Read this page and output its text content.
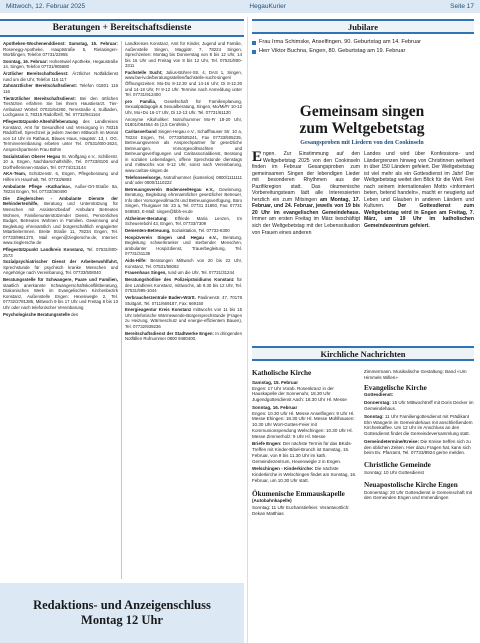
Mittwoch, 12. Februar 2025	HegauKurier	Seite 17
Beratungen + Bereitschaftsdienste

Apotheken-Wochenenddienst: Samstag, 15. Februar: Rosenegg-Apotheke, Hauptstraße 5, Rielasingen-Worblingen, Telefon 07731/22955

Sonntag, 16. Februar: Hohentwiel Apotheke, Hegaustraße 14, Singen, Telefon 07731/905680

Ärztlicher Bereitschaftsdienst: Ärztlicher Notfalldienst rund um die Uhr, Telefon 116 117

Zahnärztlicher Bereitschaftsdienst: Telefon 01801 116 116

Tierärztlicher Bereitschaftsdienst: Bei den örtlichen Tierärzten erfahren Sie bei Ihrem Haustierarzt. Tier-Ambulanz Wörtel: 07031/64260, Terrestraße 4, Sulbaden, Lochgasse 3, 78315 Radolfzell, Tel. 07732/941164

Pflegestützpunkt-Altenhilfeberatung des Landkreises Konstanz, Amt für Gesundheit und Versorgung in 78315 Radolfzell, Sprechzeit ja jedem zweiten Mittwoch im Monat von 14 Uhr im Rathaus, Blaues Haus, Hauptstr. 13, I. OG. Terminvereinbarung erbeten unter Tel. 07531/800-2624, Ansprechpartnerin Frau Böhm

Sozialstation Oberer Hegau St. Wolfgang e.V., Schillerstr. 10 a, Engen, Nachbarschaftshilfe, Tel. 07733/8100 und Dorfhelferinnen-Station, Tel. 07774/213144

AKA-Team, Schützenstr. 6, Engen, Pflegeberatung und Hilfen im Haushalt, Tel. 07733/6893

Ambulante Pflege «Katharina», Außer-Ort-Straße 8a, 78234 Engen, Tel. 07733/360490

Die Zieglerschen - Ambulante Dienste der Behindertenhilfe, Beratung und Unterstützung für Menschen mit Assistenzbedarf Ambulant Betreutes Wohnen, Familienunterstützender Dienst, Persönliches Budget, Betreutes Wohnen in Familien. Gewinnung und Begleitung ehrenamtlich und bürgerschaftlich engagierter MitarbeiterInnen. Breite Straße 11, 78234 Engen, Tel. 07733/9961370, Mail engen@zieglersche.de, Internet: www.zieglersche.de

Pflegestützpunkt Landkreis Konstanz, Tel. 07531/800-2573

Sozialpsychiatrischer Dienst der Arbeiterwohlfahrt, Sprechstunde für psychisch kranke Menschen und Angehörige nach Vereinbarung, Tel. 07733/508040

Beratungsstelle für Schwangere, Paare und Familien, staatlich anerkannte Schwangerschaftskonfliktberatung, Diakonisches Werk im Evangelischen Kirchenbezirk Konstanz, Außenstelle Engen: Hexenwegle 2, Tel. 07732/2781385, Mittwoch 9 bis 17 Uhr und Freitag 8 bis 13 Uhr oder nach telefonischer Vereinbarung

Psychologische Beratungsstelle des

Landkreises Konstanz, Amt für Kinder, Jugend und Familie, Außenstelle Singen, Maggistr. 7, 78224 Singen, Sprechzeiten: Montag bis Donnerstag von 8 bis 12 Uhr, 14 bis 16 Uhr und Freitag von 8 bis 12 Uhr, Tel. 07531/800-3311

Fachstelle Sucht; Julius-Bührer-Str. 4, DAS 1, Singen, www.bw-lv.de/beratungsstellen/fachstelle-sucht-singen/ Öffnungszeiten: Mo-Do 8-12.30 und 14-16 Uhr; Di 8-12.30 und 14-18 Uhr, Fr 8-12 Uhr. Termine nach Anmeldung unter Tel. 07731/912400

pro Familia, Gesellschaft für Familienplanung, Sexualpädagogik & Sexualberatung, Singen, Mo/Mi/Fr 10-12 Uhr, Mo+Do 16-17 Uhr, Di 12-13 Uhr, Tel. 07731/61120

Anonyme Alkoholiker: Notrufnummer Mo-Fr 18-20 Uhr, 01801/064564 45 (2,5 Cent/Min.)

Caritasverband Singen-Hegau e.V., Schaffhauser Str. 10 a, 78234 Engen, Tel. 07733/505241, Fax 07733/505235, Betreuungsverein als Ansprechpartner für gesetzliche Betreuungen, Vorsorgevollmachten und Betreuungsverfügungen und Caritassozialdienst, Beratung in sozialen Lebenslagen, offene Sprechstunde dienstags und mittwochs von 9-12 Uhr, sonst nach Vereinbarung, www.caritas-singen.de

Telefonseelsorge, Notrufnummer (kostenlos) 0800/1111111 und/ oder 0800/1110222

Betreuungsverein Bodensee/Hegau e.V., Gewinnung, Beratung, Begleitung ehrenamtlicher gesetzlicher Betreuer, Info über Vorsorgevollmacht und Betreuungsverfügung, Büro Singen, Thurgauer Str. 23 a, Tel. 07731 31893, Fax: 07731 948583, E-Mail: singen@bbh-ev.de

Alzheimer-Beratung: Elfriede Maria Lenzen, Im Scheuerebohl 43, Engen, Tel. 07733/7309

Dementen-Betreuung, Sozialstation, Tel. 07733-8300

Hospizverein Singen und Hegau e.V., Beratung, Begleitung schwerkranker und sterbender Menschen, ambulanter Hospizdienst, Trauerbegleitung, Tel. 07731/31138

Aids-Hilfe: Beratungen Mittwoch von 20 bis 22 Uhr, Konstanz, Tel. 07531/56062

Frauenhaus Singen, rund um die Uhr, Tel. 07731/31244

Beratungshotline des Polizeipräsidiums Konstanz für den Landkreis Konstanz, mittwochs, ab 9.30 bis 12 Uhr, Tel. 07531/995-1044

Verbraucherzentrale Baden-Württ. Paulinenstr. 47, 70178 Stuttgart, Tel. 0711/669187, Fax: 669150

Energieagentur Kreis Konstanz mittwochs von 11 bis 15 Uhr telefonische Wärmewende-Bürgersprechstunde (Fragen zu Heizung, Wärmeschutz und energie-effizientem Bauen), Tel. 07732/939236

Bereitschaftsdienst der Stadtwerke Engen: In dringenden Notfällen Rufnummer 0800 9480400.

Redaktions- und Anzeigenschluss
Montag 12 Uhr
Jubilare
Frau Irma Schimske, Anselfingen, 90. Geburtstag am 14. Februar
Herr Viktor Buchna, Engen, 80. Geburtstag am 19. Februar
Gemeinsam singen
zum Weltgebetstag
Gesangsproben mit Liedern von den Cookinseln
Engen. Zur Einstimmung auf den Weltgebetstag 2025 von den Cookinseln finden im Februar Gesangsproben zum gemeinsamen Singen der lebendigen Lieder mit besonderen Rhythmen aus der Pazifikregion statt. Das ökumenische Vorbereitungsteam lädt alle Interessierten herzlich ein zum Mitsingen am Montag, 17. Februar, und 24. Februar, jeweils von 19 bis 20 Uhr im evangelischen Gemeindehaus. Immer am ersten Freitag im März beschäftigt sich der Weltgebetstag mit der Lebenssituation von Frauen eines anderen
Landes und wird über Konfessions- und Ländergrenzen hinweg von Christinnen weltweit in über 150 Ländern gefeiert. Der Weltgebetstag ist viel mehr als ein Gottesdienst im Jahr! Der Weltgebetstag weitet den Blick für die Welt. Frei nach seinem internationalen Motto «informiert beten, betend handeln», macht er neugierig auf Leben und Glauben in anderen Ländern und Kulturen. Der Gottesdienst zum Weltgebetstag wird in Engen am Freitag, 7. März, um 19 Uhr im katholischen Gemeindezentrum gefeiert.
Kirchliche Nachrichten
Katholische Kirche

Samstag, 15. Februar
Engen: 17 Uhr Vorab. Rosenkranz in der Hauskapelle der Sonnenuhr, 18.30 Uhr Jugendgottesdienst Aach: 18.30 Uhr Hl. Messe

Sonntag, 16. Februar
Engen: 10.30 Uhr Hl. Messe Anselfingen: 9 Uhr Hl. Messe Ehingen: 18.30 Uhr Hl. Messe Mühlhausen: 10.30 Uhr Wort-Gottes-Feier mit Kommunionspendung Welschingen: 10.30 Uhr Hl. Messe Zimmerholz: 9 Uhr Hl. Messe

Briefe Engen: Der nächste Termin für das BKids-Treffen mit Kinder-Bibel-Brunch ist Samstag, 15. Februar, von 9 bis 11.30 Uhr im kath. Gemeindezentrum, Hexenwegle 2 in Engen.

Welschingen - Kinderkirche: Die nächste Kinderkirche in Welschingen findet am Sonntag, 16. Februar, um 10.30 Uhr statt.

Ökumenische Emmauskapelle

(Autobahnkapelle)

Sonntag: 11 Uhr Eucharistiefeier. Verantwortlich: Dekan Matthias

Zimmermann. Musikalische Gestaltung: Band «Um Himmels Willen»

Evangelische Kirche

Gottesdienst:

Donnerstag: 15 Uhr Mittwochtreff mit Doris Decker im Gemeindehaus.

Sonntag: 11 Uhr Familiengottesdienst mit Prädikant Elm Wangerin im Gemeindehaus mit anschließendem Kirchenkaffee. Um 12 Uhr im Anschluss an den Gottesdienst findet die Gemeindeversammlung statt.

Gemeindetermine/Kreise: Die Kreise treffen sich zu den üblichen Zeiten. Hier dazu Fragen hat, kann sich beim Ev. Pfarramt, Tel. 07733/8924 gerne melden.

Christliche Gemeinde

Sonntag: 10 Uhr Gottesdienst

Neuapostolische Kirche Engen

Donnerstag: 20 Uhr Gottesdienst in Gemeinschaft mit den Gemeinden Engen und Immendingen
